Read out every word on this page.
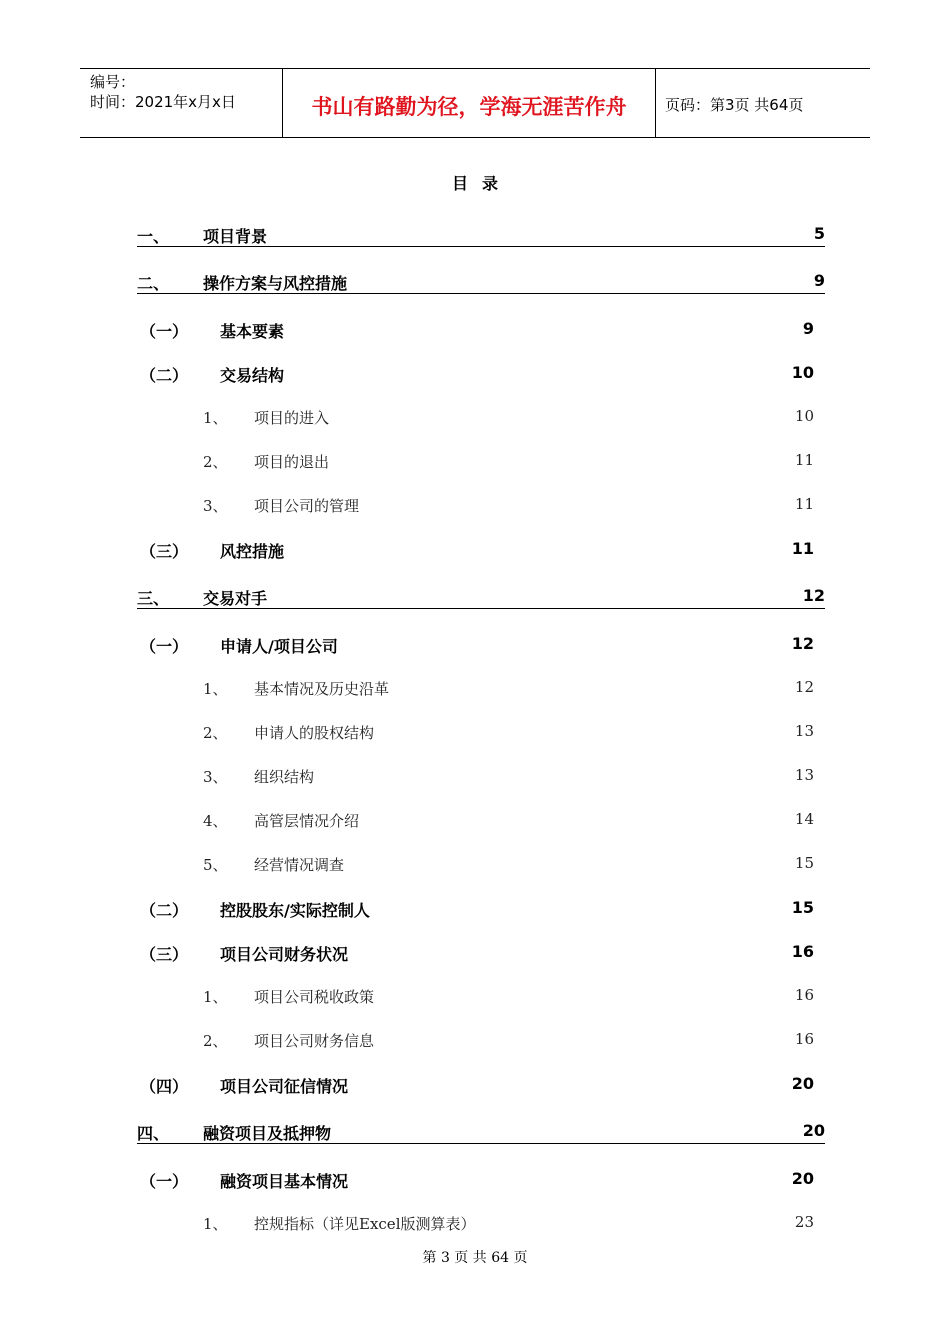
编号：
时间：2021年x月x日	书山有路勤为径，学海无涯苦作舟	页码：第3页 共64页
目录
一、 项目背景	5
二、 操作方案与风控措施	9
（一） 基本要素	9
（二） 交易结构	10
1、 项目的进入	10
2、 项目的退出	11
3、 项目公司的管理	11
（三） 风控措施	11
三、 交易对手	12
（一） 申请人/项目公司	12
1、 基本情况及历史沿革	12
2、 申请人的股权结构	13
3、 组织结构	13
4、 高管层情况介绍	14
5、 经营情况调查	15
（二） 控股股东/实际控制人	15
（三） 项目公司财务状况	16
1、 项目公司税收政策	16
2、 项目公司财务信息	16
（四） 项目公司征信情况	20
四、 融资项目及抵押物	20
（一） 融资项目基本情况	20
1、 控规指标（详见Excel版测算表）	23
第 3 页 共 64 页
